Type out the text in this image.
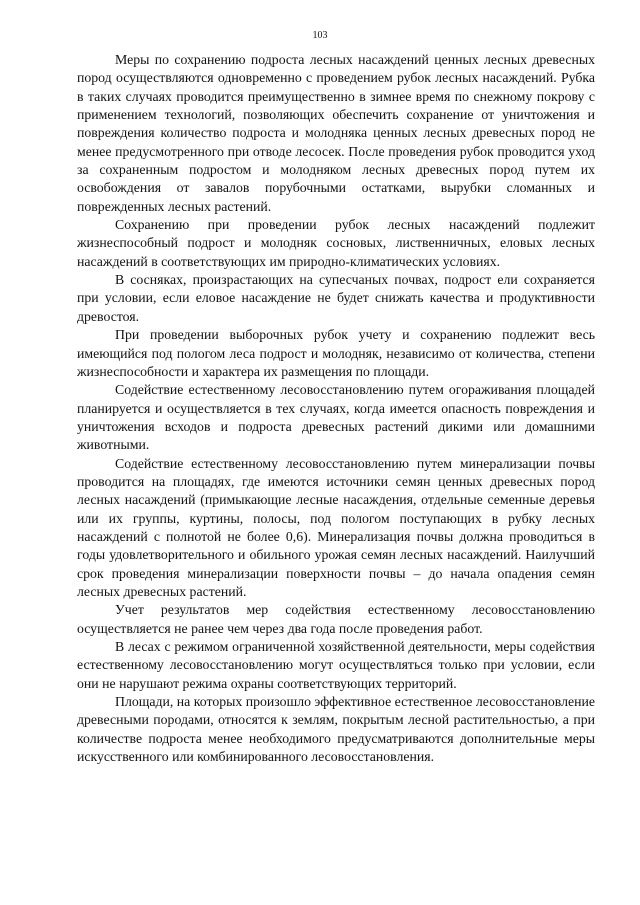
103

Меры по сохранению подроста лесных насаждений ценных лесных древесных пород осуществляются одновременно с проведением рубок лесных насаждений. Рубка в таких случаях проводится преимущественно в зимнее время по снежному покрову с применением технологий, позволяющих обеспечить сохранение от уничтожения и повреждения количество подроста и молодняка ценных лесных древесных пород не менее предусмотренного при отводе лесосек. После проведения рубок проводится уход за сохраненным подростом и молодняком лесных древесных пород путем их освобождения от завалов порубочными остатками, вырубки сломанных и поврежденных лесных растений.

Сохранению при проведении рубок лесных насаждений подлежит жизнеспособный подрост и молодняк сосновых, лиственничных, еловых лесных насаждений в соответствующих им природно-климатических условиях.

В сосняках, произрастающих на супесчаных почвах, подрост ели сохраняется при условии, если еловое насаждение не будет снижать качества и продуктивности древостоя.

При проведении выборочных рубок учету и сохранению подлежит весь имеющийся под пологом леса подрост и молодняк, независимо от количества, степени жизнеспособности и характера их размещения по площади.

Содействие естественному лесовосстановлению путем огораживания площадей планируется и осуществляется в тех случаях, когда имеется опасность повреждения и уничтожения всходов и подроста древесных растений дикими или домашними животными.

Содействие естественному лесовосстановлению путем минерализации почвы проводится на площадях, где имеются источники семян ценных древесных пород лесных насаждений (примыкающие лесные насаждения, отдельные семенные деревья или их группы, куртины, полосы, под пологом поступающих в рубку лесных насаждений с полнотой не более 0,6). Минерализация почвы должна проводиться в годы удовлетворительного и обильного урожая семян лесных насаждений. Наилучший срок проведения минерализации поверхности почвы – до начала опадения семян лесных древесных растений.

Учет результатов мер содействия естественному лесовосстановлению осуществляется не ранее чем через два года после проведения работ.

В лесах с режимом ограниченной хозяйственной деятельности, меры содействия естественному лесовосстановлению могут осуществляться только при условии, если они не нарушают режима охраны соответствующих территорий.

Площади, на которых произошло эффективное естественное лесовосстановление древесными породами, относятся к землям, покрытым лесной растительностью, а при количестве подроста менее необходимого предусматриваются дополнительные меры искусственного или комбинированного лесовосстановления.
